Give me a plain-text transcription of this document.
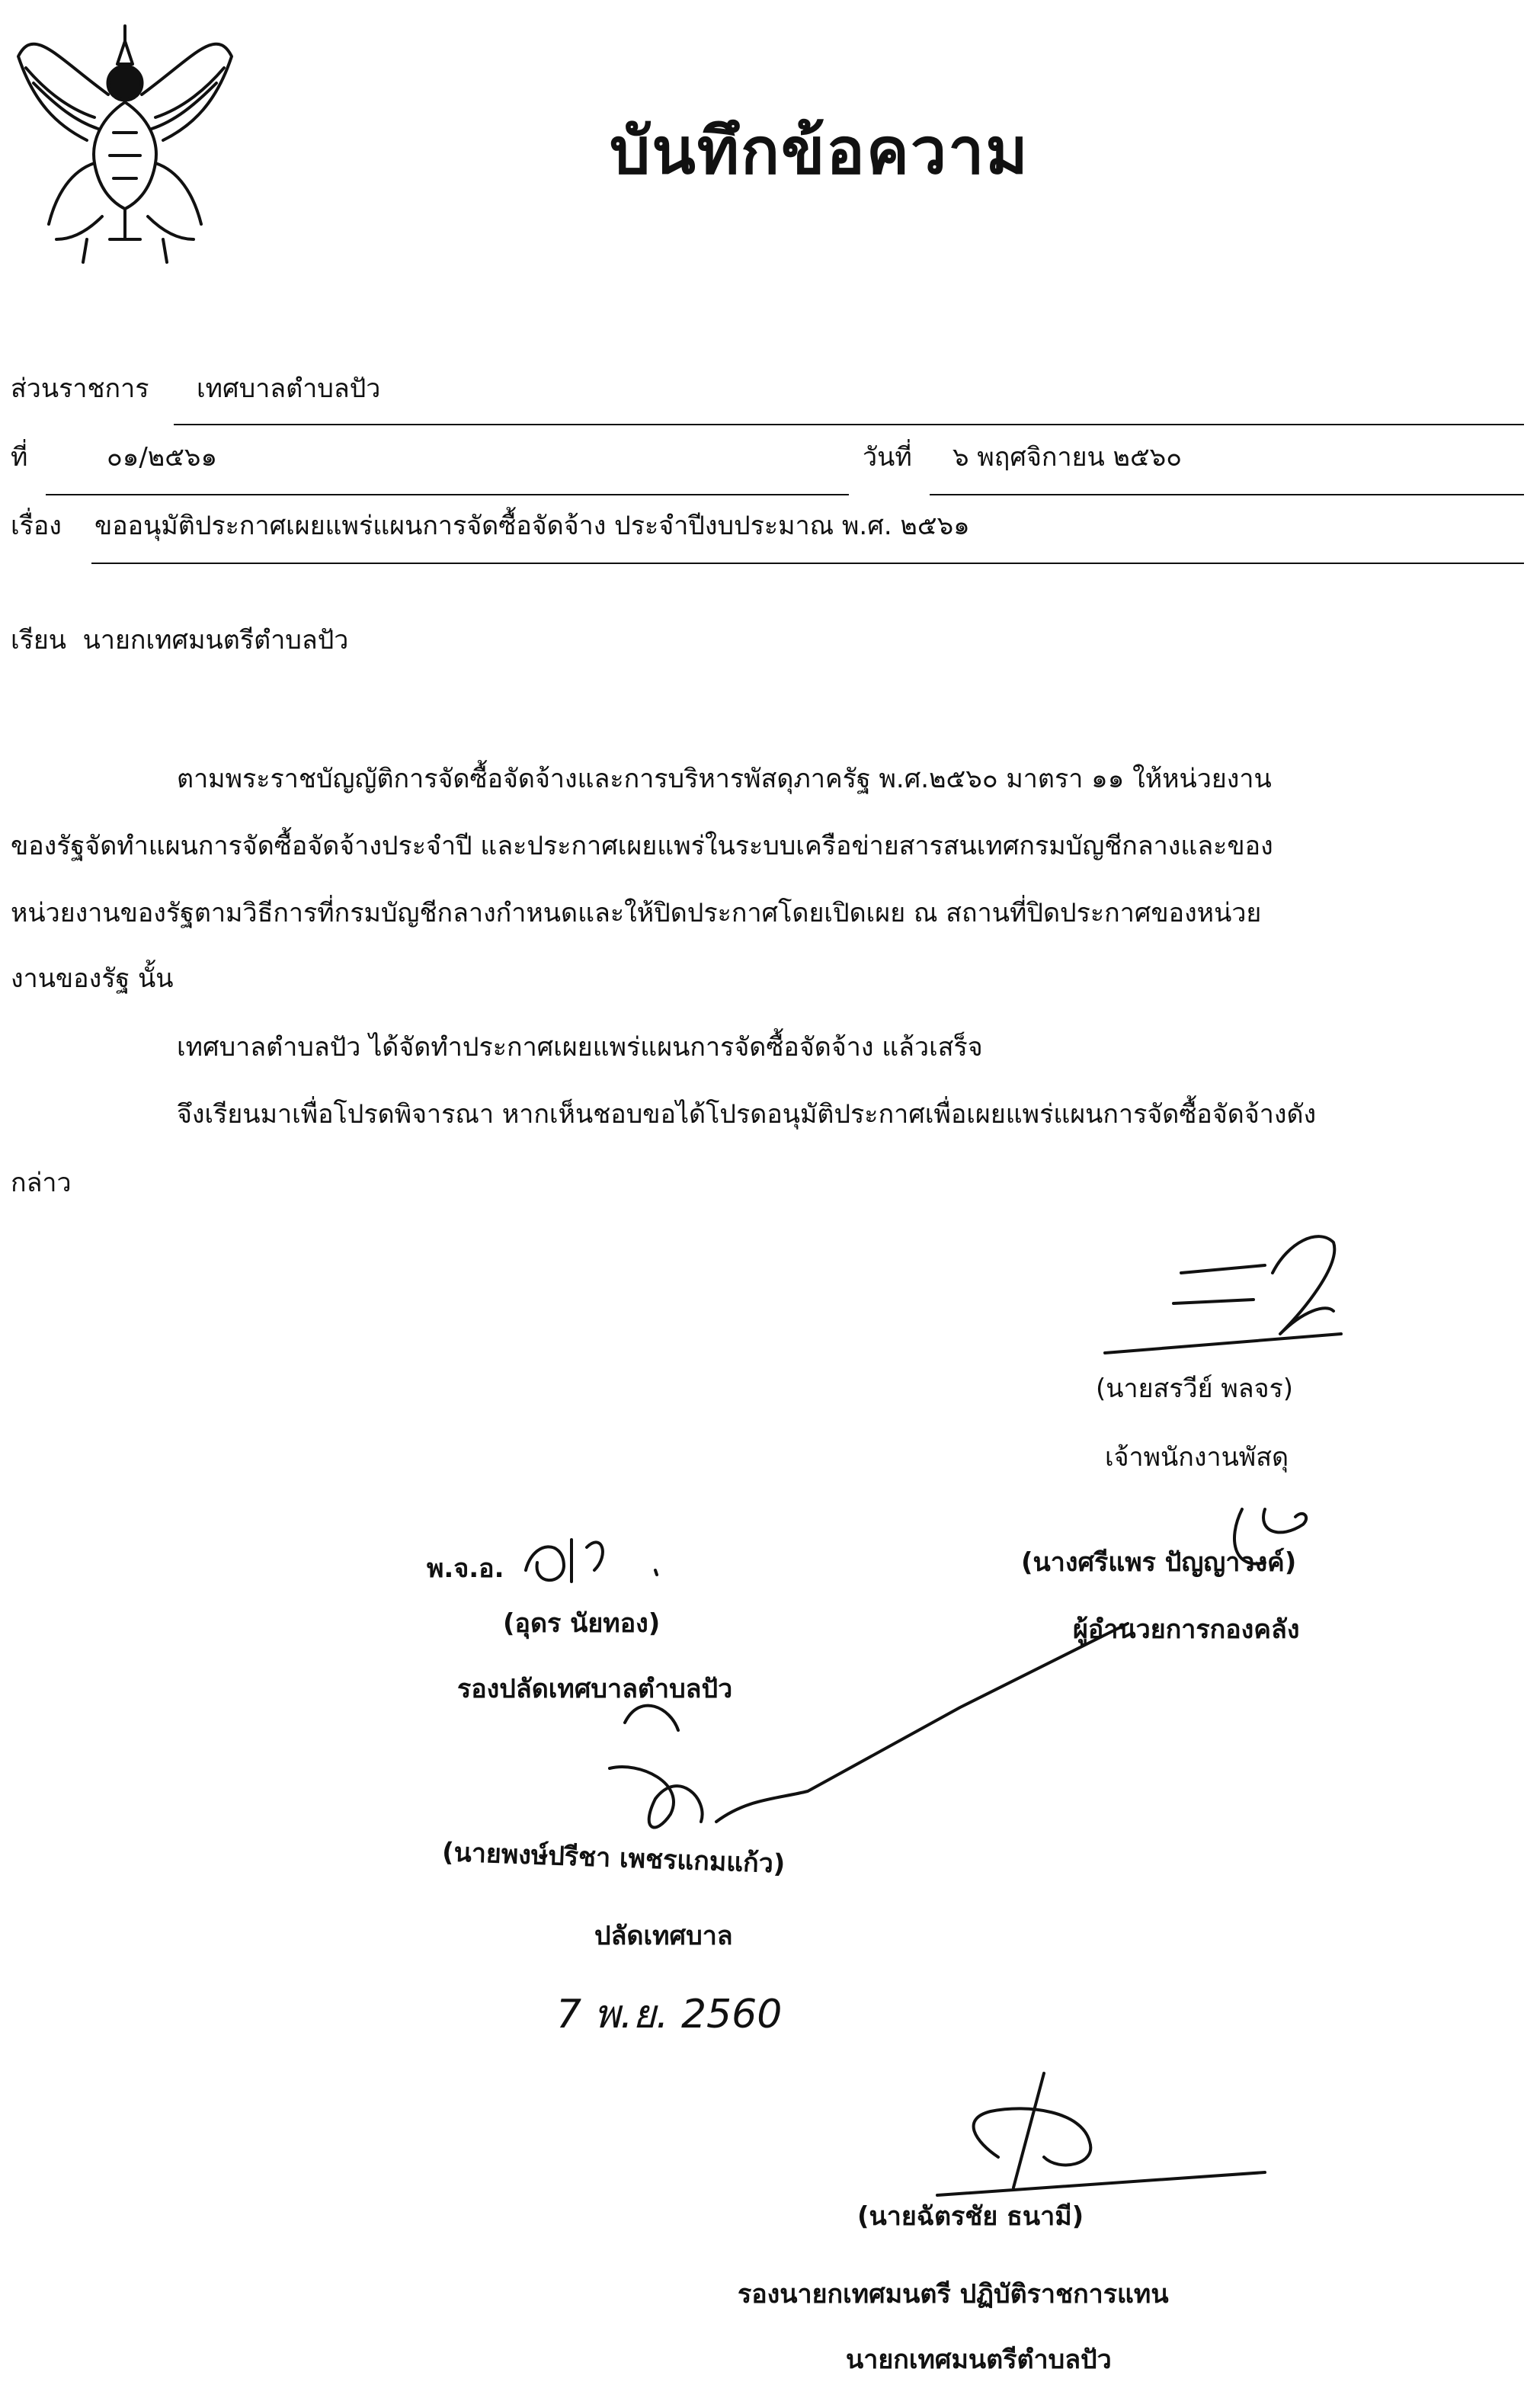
บันทึกข้อความ
ส่วนราชการ เทศบาลตำบลปัว
ที่	๐๑/๒๕๖๑	วันที่ ๖ พฤศจิกายน ๒๕๖๐
เรื่อง ขออนุมัติประกาศเผยแพร่แผนการจัดซื้อจัดจ้าง ประจำปีงบประมาณ พ.ศ. ๒๕๖๑
เรียน นายกเทศมนตรีตำบลปัว
ตามพระราชบัญญัติการจัดซื้อจัดจ้างและการบริหารพัสดุภาครัฐ พ.ศ.๒๕๖๐ มาตรา ๑๑ ให้หน่วยงาน
ของรัฐจัดทำแผนการจัดซื้อจัดจ้างประจำปี และประกาศเผยแพร่ในระบบเครือข่ายสารสนเทศกรมบัญชีกลางและของ
หน่วยงานของรัฐตามวิธีการที่กรมบัญชีกลางกำหนดและให้ปิดประกาศโดยเปิดเผย ณ สถานที่ปิดประกาศของหน่วย
งานของรัฐ นั้น
เทศบาลตำบลปัว ได้จัดทำประกาศเผยแพร่แผนการจัดซื้อจัดจ้าง แล้วเสร็จ
จึงเรียนมาเพื่อโปรดพิจารณา หากเห็นชอบขอได้โปรดอนุมัติประกาศเพื่อเผยแพร่แผนการจัดซื้อจัดจ้างดัง
กล่าว
(นายสรวีย์ พลจร)
เจ้าพนักงานพัสดุ
(นางศรีแพร ปัญญาวงค์)
ผู้อำนวยการกองคลัง
พ.จ.อ.
(อุดร นัยทอง)
รองปลัดเทศบาลตำบลปัว
(นายพงษ์ปรีชา เพชรแกมแก้ว)
ปลัดเทศบาล
7 พ.ย. 2560
(นายฉัตรชัย ธนามี)
รองนายกเทศมนตรี ปฏิบัติราชการแทน
นายกเทศมนตรีตำบลปัว
